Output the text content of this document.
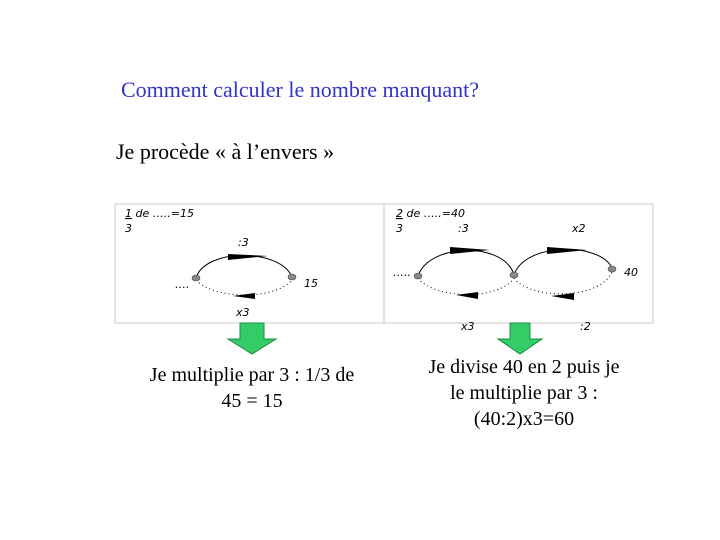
Comment calculer le nombre manquant?
Je procède « à l’envers »
1 de …..=15
3
:3
….	15
x3
2 de …..=40
3	:3	x2
…..	40
x3	:2
Je multiplie par 3 : 1/3 de
45 = 15
Je divise 40 en 2 puis je
le multiplie par 3 :
(40:2)x3=60
